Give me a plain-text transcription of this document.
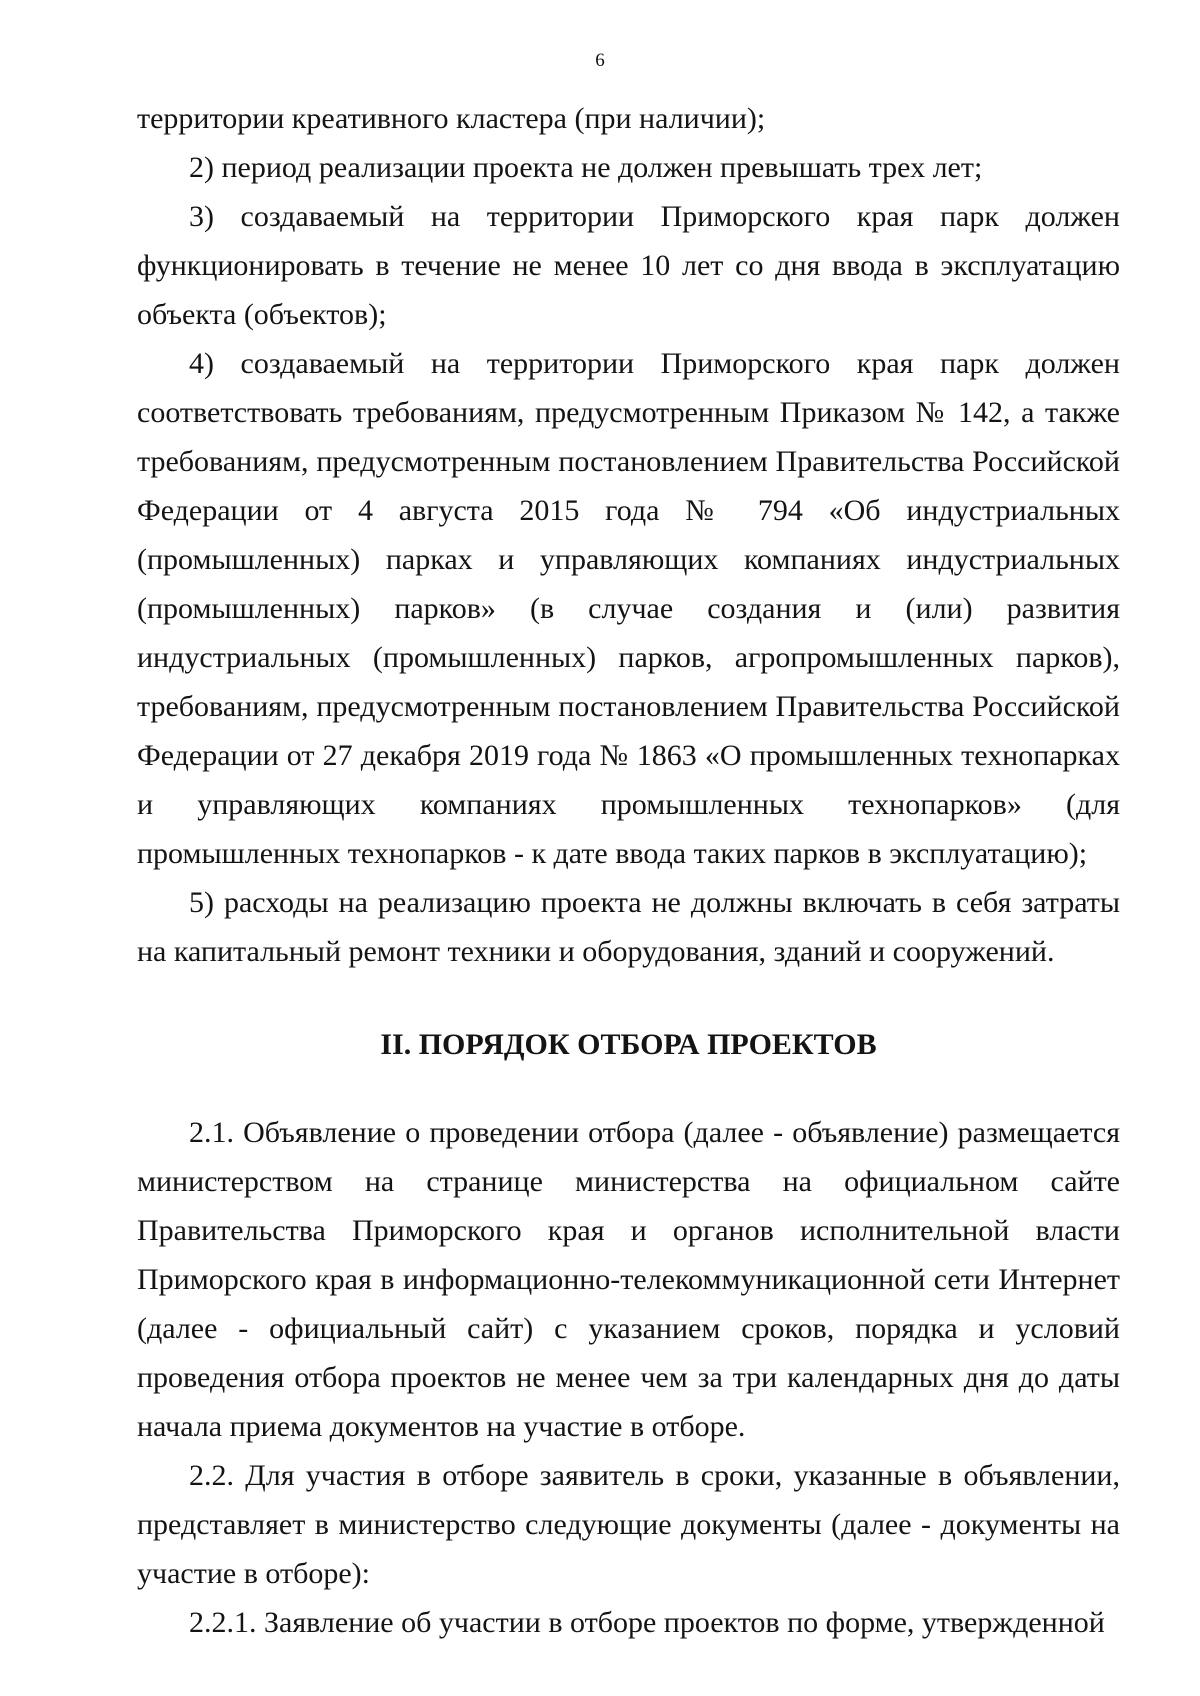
6

территории креативного кластера (при наличии);

2) период реализации проекта не должен превышать трех лет;

3) создаваемый на территории Приморского края парк должен функционировать в течение не менее 10 лет со дня ввода в эксплуатацию объекта (объектов);

4) создаваемый на территории Приморского края парк должен соответствовать требованиям, предусмотренным Приказом № 142, а также требованиям, предусмотренным постановлением Правительства Российской Федерации от 4 августа 2015 года № 794 «Об индустриальных (промышленных) парках и управляющих компаниях индустриальных (промышленных) парков» (в случае создания и (или) развития индустриальных (промышленных) парков, агропромышленных парков), требованиям, предусмотренным постановлением Правительства Российской Федерации от 27 декабря 2019 года № 1863 «О промышленных технопарках и управляющих компаниях промышленных технопарков» (для промышленных технопарков - к дате ввода таких парков в эксплуатацию);

5) расходы на реализацию проекта не должны включать в себя затраты на капитальный ремонт техники и оборудования, зданий и сооружений.

II. ПОРЯДОК ОТБОРА ПРОЕКТОВ

2.1. Объявление о проведении отбора (далее - объявление) размещается министерством на странице министерства на официальном сайте Правительства Приморского края и органов исполнительной власти Приморского края в информационно-телекоммуникационной сети Интернет (далее - официальный сайт) с указанием сроков, порядка и условий проведения отбора проектов не менее чем за три календарных дня до даты начала приема документов на участие в отборе.

2.2. Для участия в отборе заявитель в сроки, указанные в объявлении, представляет в министерство следующие документы (далее - документы на участие в отборе):

2.2.1. Заявление об участии в отборе проектов по форме, утвержденной
